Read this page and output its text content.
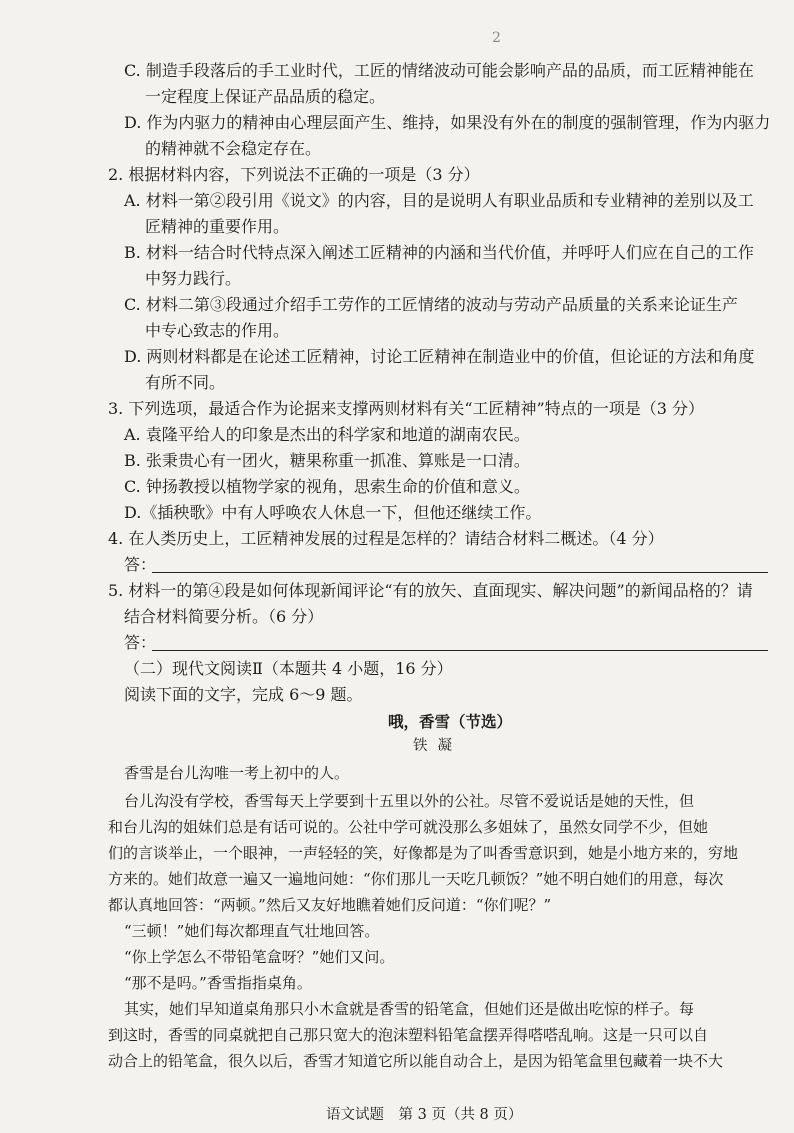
2
C. 制造手段落后的手工业时代，工匠的情绪波动可能会影响产品的品质，而工匠精神能在
一定程度上保证产品品质的稳定。
D. 作为内驱力的精神由心理层面产生、维持，如果没有外在的制度的强制管理，作为内驱力
的精神就不会稳定存在。
2. 根据材料内容，下列说法不正确的一项是（3 分）
A. 材料一第②段引用《说文》的内容，目的是说明人有职业品质和专业精神的差别以及工
匠精神的重要作用。
B. 材料一结合时代特点深入阐述工匠精神的内涵和当代价值，并呼吁人们应在自己的工作
中努力践行。
C. 材料二第③段通过介绍手工劳作的工匠情绪的波动与劳动产品质量的关系来论证生产
中专心致志的作用。
D. 两则材料都是在论述工匠精神，讨论工匠精神在制造业中的价值，但论证的方法和角度
有所不同。
3. 下列选项，最适合作为论据来支撑两则材料有关“工匠精神”特点的一项是（3 分）
A. 袁隆平给人的印象是杰出的科学家和地道的湖南农民。
B. 张秉贵心有一团火，糖果称重一抓准、算账是一口清。
C. 钟扬教授以植物学家的视角，思索生命的价值和意义。
D.《插秧歌》中有人呼唤农人休息一下，但他还继续工作。
4. 在人类历史上，工匠精神发展的过程是怎样的？请结合材料二概述。（4 分）
答：
5. 材料一的第④段是如何体现新闻评论“有的放矢、直面现实、解决问题”的新闻品格的？请
结合材料简要分析。（6 分）
答：
（二）现代文阅读Ⅱ（本题共 4 小题，16 分）
阅读下面的文字，完成 6～9 题。
哦，香雪（节选）
铁凝
香雪是台儿沟唯一考上初中的人。
台儿沟没有学校，香雪每天上学要到十五里以外的公社。尽管不爱说话是她的天性，但
和台儿沟的姐妹们总是有话可说的。公社中学可就没那么多姐妹了，虽然女同学不少，但她
们的言谈举止，一个眼神，一声轻轻的笑，好像都是为了叫香雪意识到，她是小地方来的，穷地
方来的。她们故意一遍又一遍地问她：“你们那儿一天吃几顿饭？”她不明白她们的用意，每次
都认真地回答：“两顿。”然后又友好地瞧着她们反问道：“你们呢？”
“三顿！”她们每次都理直气壮地回答。
“你上学怎么不带铅笔盒呀？”她们又问。
“那不是吗。”香雪指指桌角。
其实，她们早知道桌角那只小木盒就是香雪的铅笔盒，但她们还是做出吃惊的样子。每
到这时，香雪的同桌就把自己那只宽大的泡沫塑料铅笔盒摆弄得嗒嗒乱响。这是一只可以自
动合上的铅笔盒，很久以后，香雪才知道它所以能自动合上，是因为铅笔盒里包藏着一块不大
语文试题　第 3 页（共 8 页）
